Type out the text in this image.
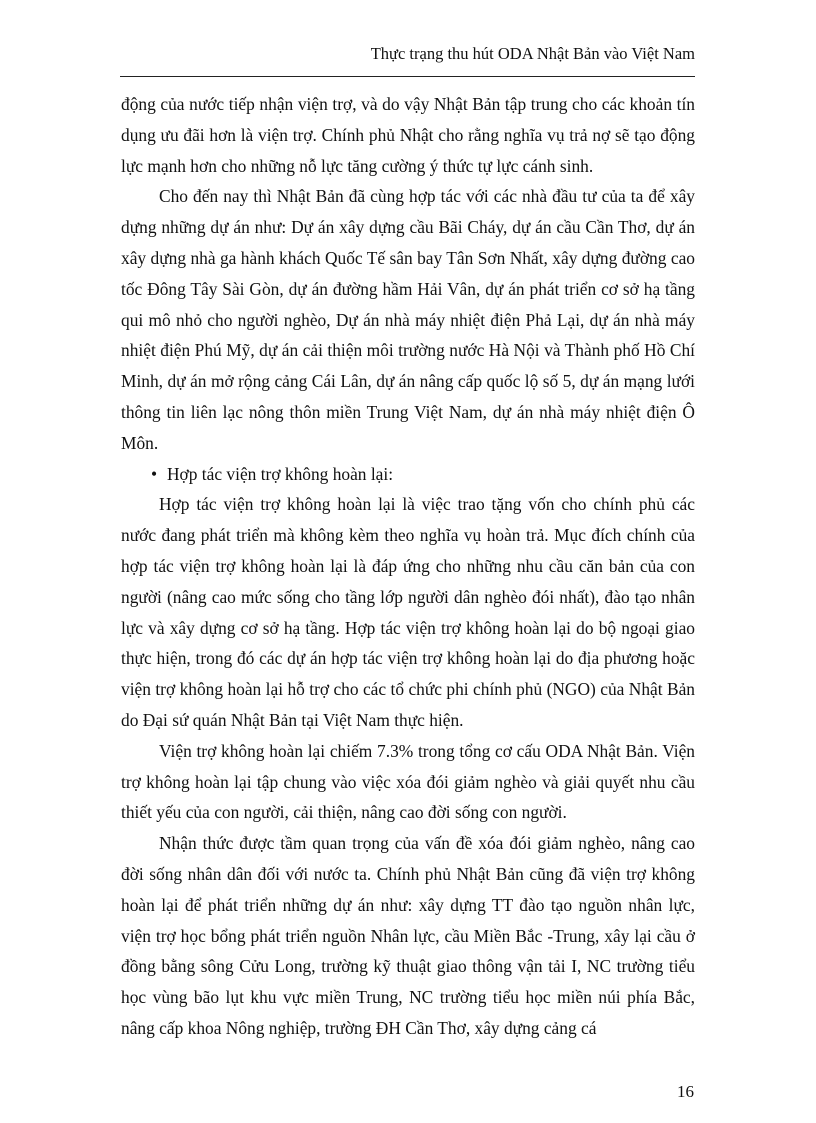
Thực trạng thu hút ODA Nhật Bản vào Việt Nam

động của nước tiếp nhận viện trợ, và do vậy Nhật Bản tập trung cho các khoản tín dụng ưu đãi hơn là viện trợ. Chính phủ Nhật cho rằng nghĩa vụ trả nợ sẽ tạo động lực mạnh hơn cho những nỗ lực tăng cường ý thức tự lực cánh sinh.

Cho đến nay thì Nhật Bản đã cùng hợp tác với các nhà đầu tư của ta để xây dựng những dự án như: Dự án xây dựng cầu Bãi Cháy, dự án cầu Cần Thơ, dự án xây dựng nhà ga hành khách Quốc Tế sân bay Tân Sơn Nhất, xây dựng đường cao tốc Đông Tây Sài Gòn, dự án đường hầm Hải Vân, dự án phát triển cơ sở hạ tầng qui mô nhỏ cho người nghèo, Dự án nhà máy nhiệt điện Phả Lại, dự án nhà máy nhiệt điện Phú Mỹ, dự án cải thiện môi trường nước Hà Nội và Thành phố Hồ Chí Minh, dự án mở rộng cảng Cái Lân, dự án nâng cấp quốc lộ số 5, dự án mạng lưới thông tin liên lạc nông thôn miền Trung Việt Nam, dự án nhà máy nhiệt điện Ô Môn.

• Hợp tác viện trợ không hoàn lại:

Hợp tác viện trợ không hoàn lại là việc trao tặng vốn cho chính phủ các nước đang phát triển mà không kèm theo nghĩa vụ hoàn trả. Mục đích chính của hợp tác viện trợ không hoàn lại là đáp ứng cho những nhu cầu căn bản của con người (nâng cao mức sống cho tầng lớp người dân nghèo đói nhất), đào tạo nhân lực và xây dựng cơ sở hạ tầng. Hợp tác viện trợ không hoàn lại do bộ ngoại giao thực hiện, trong đó các dự án hợp tác viện trợ không hoàn lại do địa phương hoặc viện trợ không hoàn lại hỗ trợ cho các tổ chức phi chính phủ (NGO) của Nhật Bản do Đại sứ quán Nhật Bản tại Việt Nam thực hiện.

Viện trợ không hoàn lại chiếm 7.3% trong tổng cơ cấu ODA Nhật Bản. Viện trợ không hoàn lại tập chung vào việc xóa đói giảm nghèo và giải quyết nhu cầu thiết yếu của con người, cải thiện, nâng cao đời sống con người.

Nhận thức được tầm quan trọng của vấn đề xóa đói giảm nghèo, nâng cao đời sống nhân dân đối với nước ta. Chính phủ Nhật Bản cũng đã viện trợ không hoàn lại để phát triển những dự án như: xây dựng TT đào tạo nguồn nhân lực, viện trợ học bổng phát triển nguồn Nhân lực, cầu Miền Bắc -Trung, xây lại cầu ở đồng bằng sông Cửu Long, trường kỹ thuật giao thông vận tải I, NC trường tiểu học vùng bão lụt khu vực miền Trung, NC trường tiểu học miền núi phía Bắc, nâng cấp khoa Nông nghiệp, trường ĐH Cần Thơ, xây dựng cảng cá

16
